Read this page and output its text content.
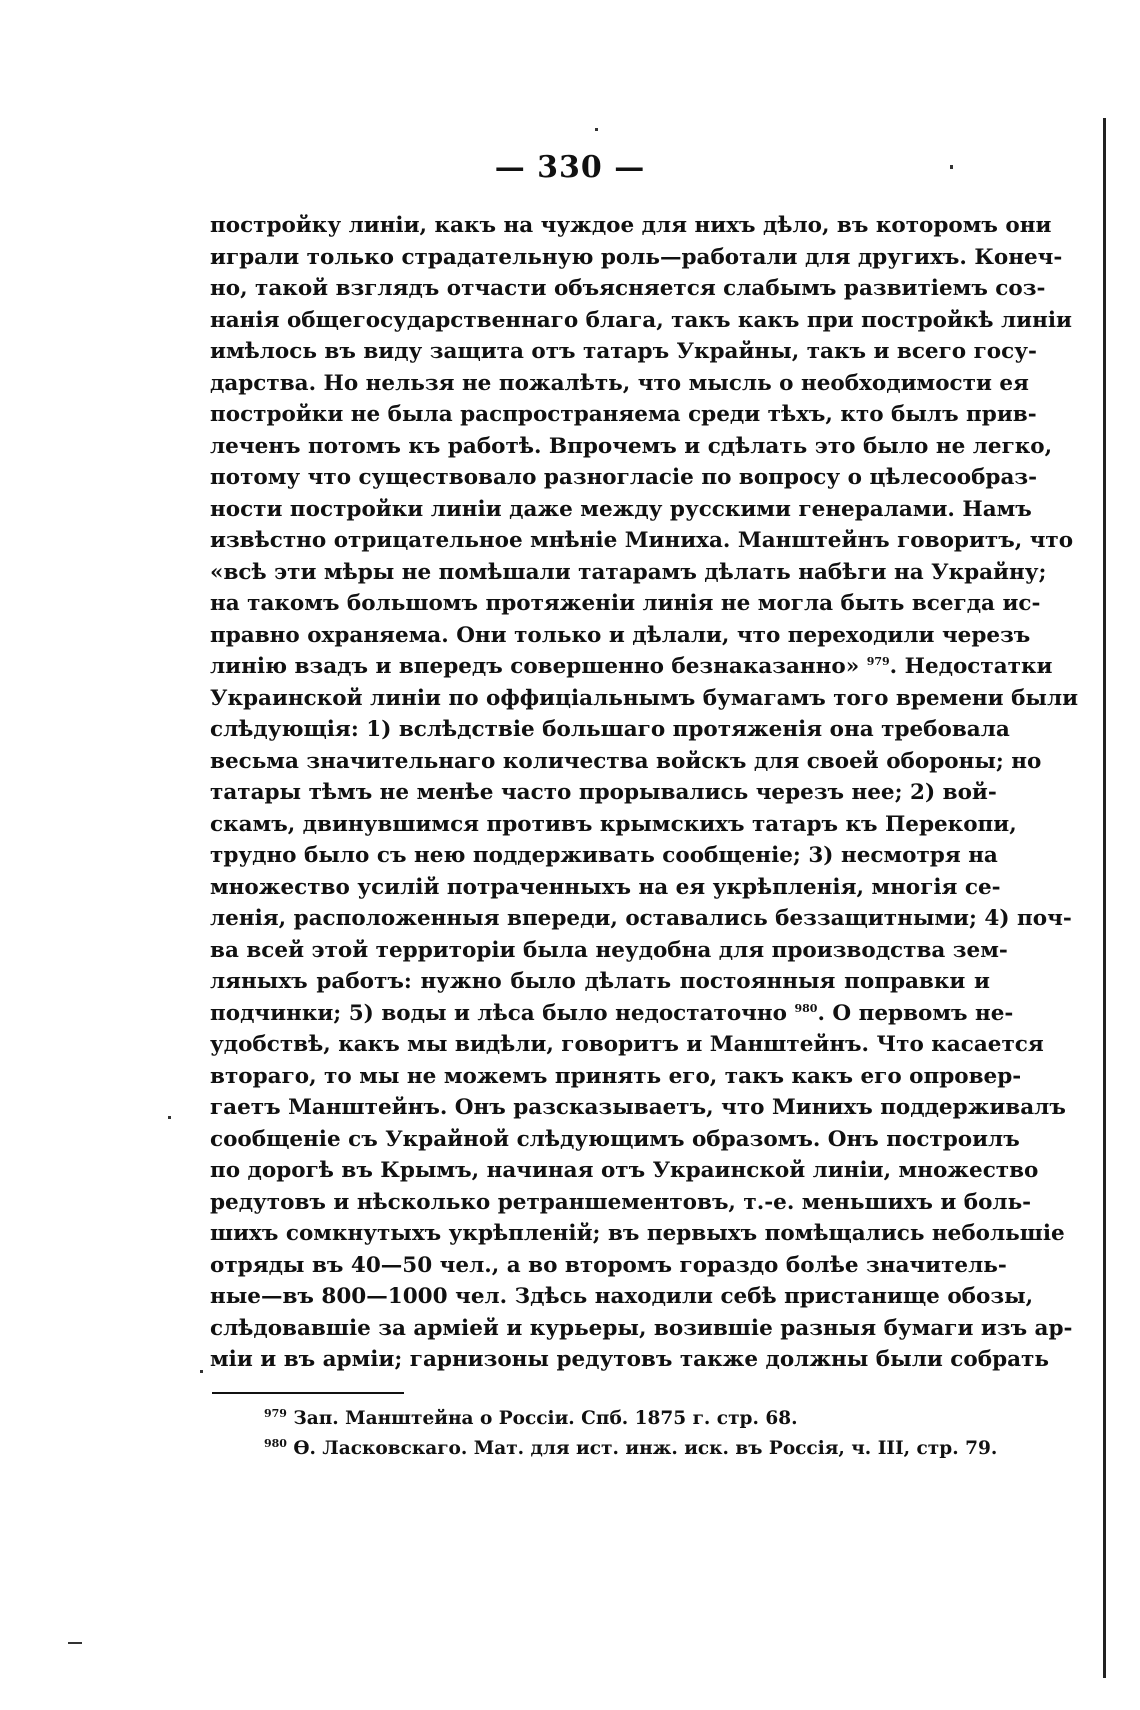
— 330 —
постройку линіи, какъ на чуждое для нихъ дѣло, въ которомъ они
играли только страдательную роль—работали для другихъ. Конеч-
но, такой взглядъ отчасти объясняется слабымъ развитіемъ соз-
нанія общегосударственнаго блага, такъ какъ при постройкѣ линіи
имѣлось въ виду защита отъ татаръ Украйны, такъ и всего госу-
дарства. Но нельзя не пожалѣть, что мысль о необходимости ея
постройки не была распространяема среди тѣхъ, кто былъ прив-
леченъ потомъ къ работѣ. Впрочемъ и сдѣлать это было не легко,
потому что существовало разногласіе по вопросу о цѣлесообраз-
ности постройки линіи даже между русскими генералами. Намъ
извѣстно отрицательное мнѣніе Миниха. Манштейнъ говоритъ, что
«всѣ эти мѣры не помѣшали татарамъ дѣлать набѣги на Украйну;
на такомъ большомъ протяженіи линія не могла быть всегда ис-
правно охраняема. Они только и дѣлали, что переходили черезъ
линію взадъ и впередъ совершенно безнаказанно» $^{979}$. Недостатки
Украинской линіи по оффиціальнымъ бумагамъ того времени были
слѣдующія: 1) вслѣдствіе большаго протяженія она требовала
весьма значительнаго количества войскъ для своей обороны; но
татары тѣмъ не менѣе часто прорывались черезъ нее; 2) вой-
скамъ, двинувшимся противъ крымскихъ татаръ къ Перекопи,
трудно было съ нею поддерживать сообщеніе; 3) несмотря на
множество усилій потраченныхъ на ея укрѣпленія, многія се-
ленія, расположенныя впереди, оставались беззащитными; 4) поч-
ва всей этой территоріи была неудобна для производства зем-
ляныхъ работъ: нужно было дѣлать постоянныя поправки и
подчинки; 5) воды и лѣса было недостаточно $^{980}$. О первомъ не-
удобствѣ, какъ мы видѣли, говоритъ и Манштейнъ. Что касается
втораго, то мы не можемъ принять его, такъ какъ его опровер-
гаетъ Манштейнъ. Онъ разсказываетъ, что Минихъ поддерживалъ
сообщеніе съ Украйной слѣдующимъ образомъ. Онъ построилъ
по дорогѣ въ Крымъ, начиная отъ Украинской линіи, множество
редутовъ и нѣсколько ретраншементовъ, т.-е. меньшихъ и боль-
шихъ сомкнутыхъ укрѣпленій; въ первыхъ помѣщались небольшіе
отряды въ 40—50 чел., а во второмъ гораздо болѣе значитель-
ные—въ 800—1000 чел. Здѣсь находили себѣ пристанище обозы,
слѣдовавшіе за арміей и курьеры, возившіе разныя бумаги изъ ар-
міи и въ арміи; гарнизоны редутовъ также должны были собрать
$^{979}$ Зап. Манштейна о Россіи. Спб. 1875 г. стр. 68.
$^{980}$ Ѳ. Ласковскаго. Мат. для ист. инж. иск. въ Россія, ч. III, стр. 79.
